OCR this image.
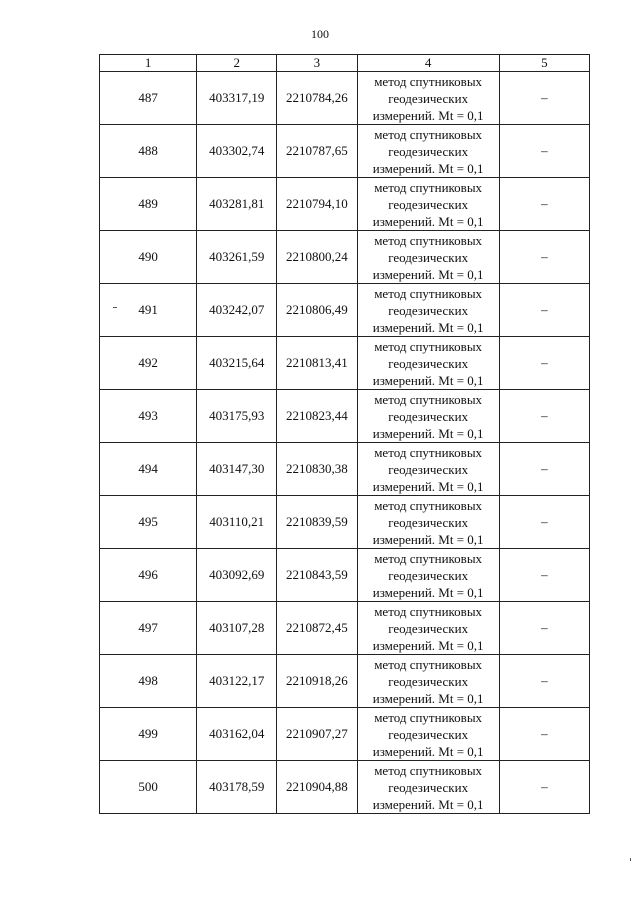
100
1	2	3	4	5
487	403317,19	2210784,26	метод спутниковых
геодезических
измерений. Mt = 0,1	–
488	403302,74	2210787,65	метод спутниковых
геодезических
измерений. Mt = 0,1	–
489	403281,81	2210794,10	метод спутниковых
геодезических
измерений. Mt = 0,1	–
490	403261,59	2210800,24	метод спутниковых
геодезических
измерений. Mt = 0,1	–
491	403242,07	2210806,49	метод спутниковых
геодезических
измерений. Mt = 0,1	–
492	403215,64	2210813,41	метод спутниковых
геодезических
измерений. Mt = 0,1	–
493	403175,93	2210823,44	метод спутниковых
геодезических
измерений. Mt = 0,1	–
494	403147,30	2210830,38	метод спутниковых
геодезических
измерений. Mt = 0,1	–
495	403110,21	2210839,59	метод спутниковых
геодезических
измерений. Mt = 0,1	–
496	403092,69	2210843,59	метод спутниковых
геодезических
измерений. Mt = 0,1	–
497	403107,28	2210872,45	метод спутниковых
геодезических
измерений. Mt = 0,1	–
498	403122,17	2210918,26	метод спутниковых
геодезических
измерений. Mt = 0,1	–
499	403162,04	2210907,27	метод спутниковых
геодезических
измерений. Mt = 0,1	–
500	403178,59	2210904,88	метод спутниковых
геодезических
измерений. Mt = 0,1	–
